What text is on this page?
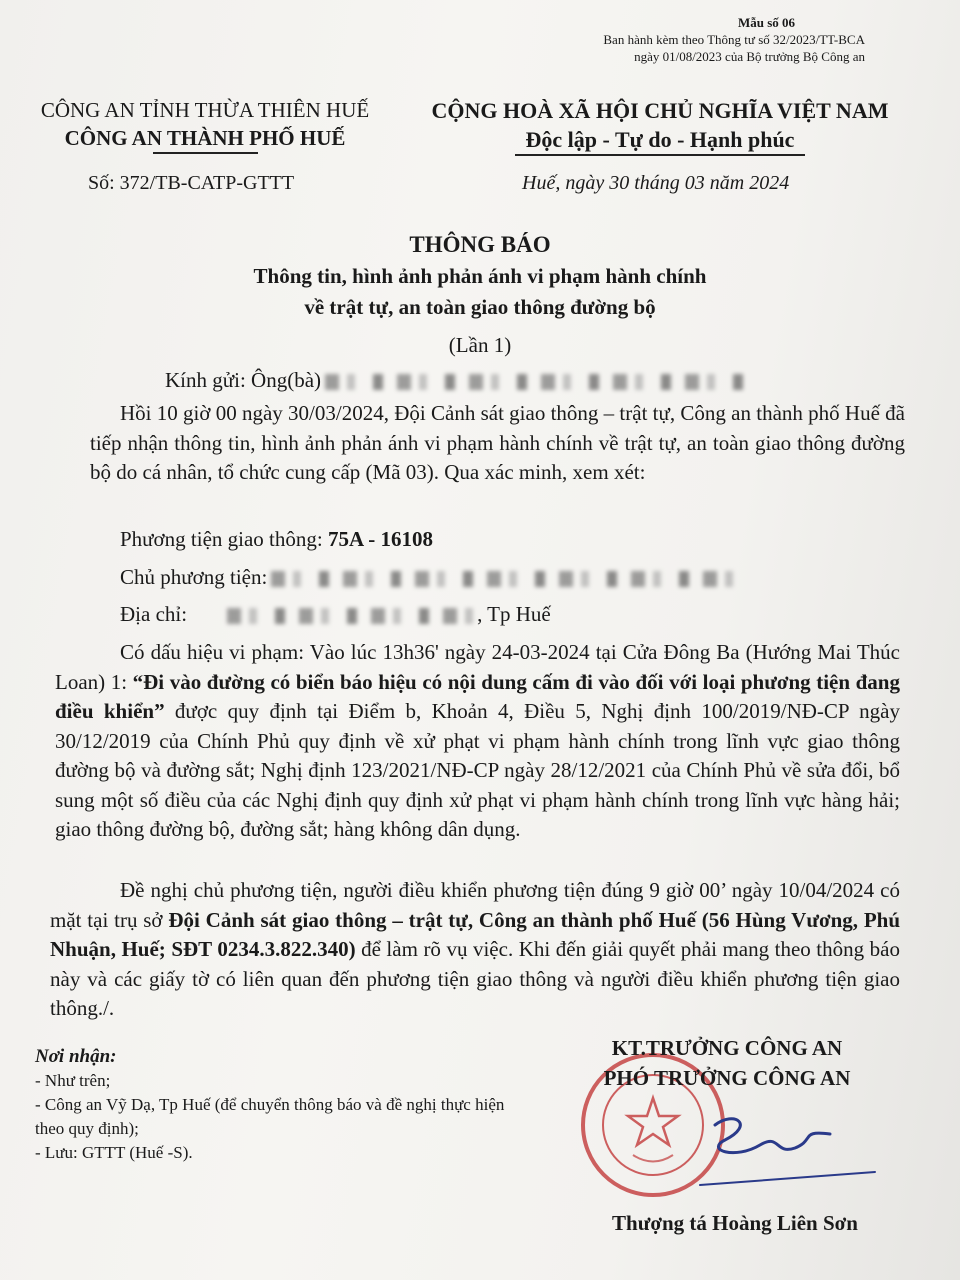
Mẫu số 06
Ban hành kèm theo Thông tư số 32/2023/TT-BCA
ngày 01/08/2023 của Bộ trưởng Bộ Công an
CÔNG AN TỈNH THỪA THIÊN HUẾ
CÔNG AN THÀNH PHỐ HUẾ
CỘNG HOÀ XÃ HỘI CHỦ NGHĨA VIỆT NAM
Độc lập - Tự do - Hạnh phúc
Số: 372/TB-CATP-GTTT	Huế, ngày 30 tháng 03 năm 2024
THÔNG BÁO
Thông tin, hình ảnh phản ánh vi phạm hành chính
về trật tự, an toàn giao thông đường bộ
(Lần 1)
Kính gửi: Ông(bà)
Hồi 10 giờ 00 ngày 30/03/2024, Đội Cảnh sát giao thông – trật tự, Công an thành phố Huế đã tiếp nhận thông tin, hình ảnh phản ánh vi phạm hành chính về trật tự, an toàn giao thông đường bộ do cá nhân, tổ chức cung cấp (Mã 03). Qua xác minh, xem xét:
Phương tiện giao thông: 75A - 16108
Chủ phương tiện:
Địa chỉ:	, Tp Huế
Có dấu hiệu vi phạm: Vào lúc 13h36' ngày 24-03-2024 tại Cửa Đông Ba (Hướng Mai Thúc Loan) 1: “Đi vào đường có biển báo hiệu có nội dung cấm đi vào đối với loại phương tiện đang điều khiển” được quy định tại Điểm b, Khoản 4, Điều 5, Nghị định 100/2019/NĐ-CP ngày 30/12/2019 của Chính Phủ quy định về xử phạt vi phạm hành chính trong lĩnh vực giao thông đường bộ và đường sắt; Nghị định 123/2021/NĐ-CP ngày 28/12/2021 của Chính Phủ về sửa đổi, bổ sung một số điều của các Nghị định quy định xử phạt vi phạm hành chính trong lĩnh vực hàng hải; giao thông đường bộ, đường sắt; hàng không dân dụng.
Đề nghị chủ phương tiện, người điều khiển phương tiện đúng 9 giờ 00’ ngày 10/04/2024 có mặt tại trụ sở Đội Cảnh sát giao thông – trật tự, Công an thành phố Huế (56 Hùng Vương, Phú Nhuận, Huế; SĐT 0234.3.822.340) để làm rõ vụ việc. Khi đến giải quyết phải mang theo thông báo này và các giấy tờ có liên quan đến phương tiện giao thông và người điều khiển phương tiện giao thông./.
Nơi nhận:
- Như trên;
- Công an Vỹ Dạ, Tp Huế (để chuyển thông báo và đề nghị thực hiện theo quy định);
- Lưu: GTTT (Huế -S).
KT.TRƯỞNG CÔNG AN
PHÓ TRƯỞNG CÔNG AN
Thượng tá Hoàng Liên Sơn
